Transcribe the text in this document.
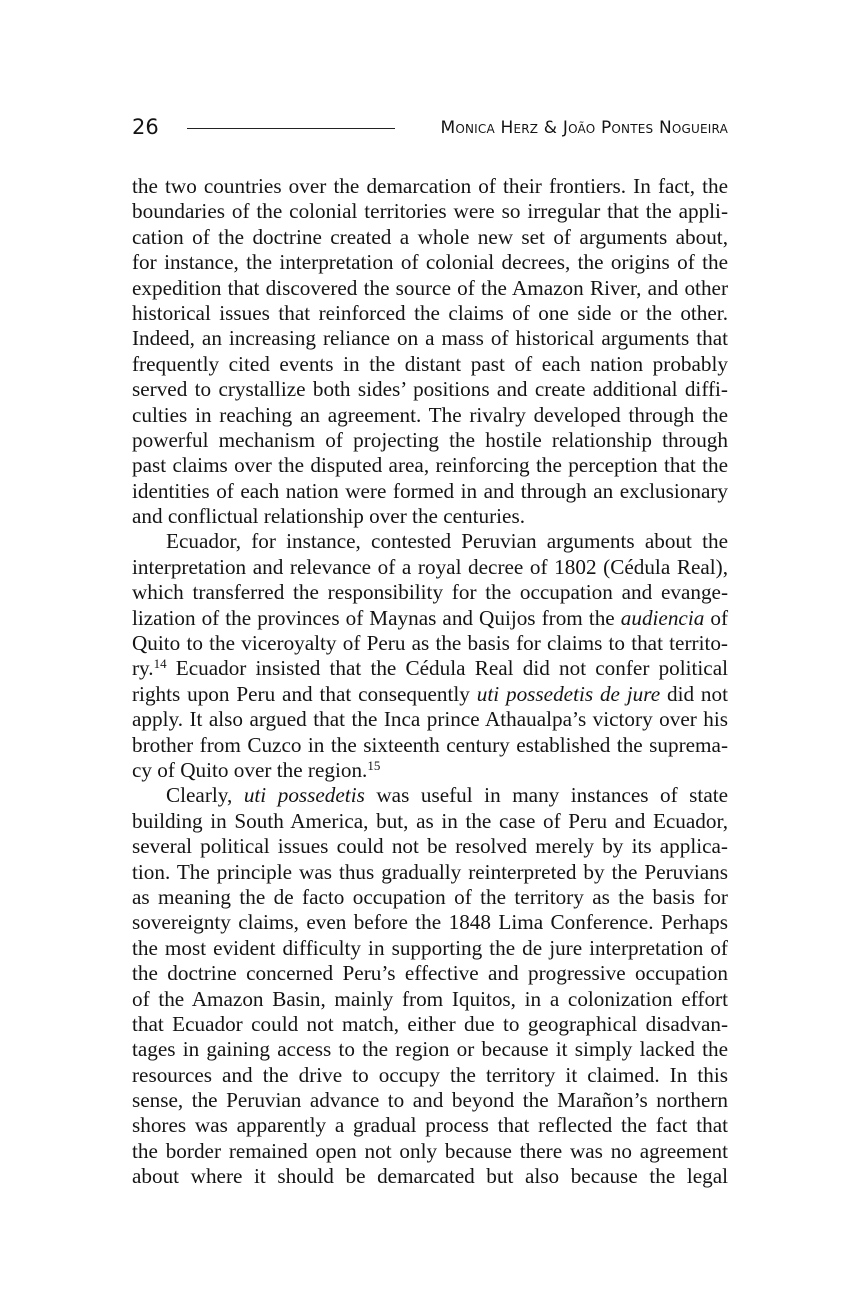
26	Monica Herz & João Pontes Nogueira
the two countries over the demarcation of their frontiers. In fact, the
boundaries of the colonial territories were so irregular that the appli-
cation of the doctrine created a whole new set of arguments about,
for instance, the interpretation of colonial decrees, the origins of the
expedition that discovered the source of the Amazon River, and other
historical issues that reinforced the claims of one side or the other.
Indeed, an increasing reliance on a mass of historical arguments that
frequently cited events in the distant past of each nation probably
served to crystallize both sides’ positions and create additional diffi-
culties in reaching an agreement. The rivalry developed through the
powerful mechanism of projecting the hostile relationship through
past claims over the disputed area, reinforcing the perception that the
identities of each nation were formed in and through an exclusionary
and conflictual relationship over the centuries.
Ecuador, for instance, contested Peruvian arguments about the
interpretation and relevance of a royal decree of 1802 (Cédula Real),
which transferred the responsibility for the occupation and evange-
lization of the provinces of Maynas and Quijos from the audiencia of
Quito to the viceroyalty of Peru as the basis for claims to that territo-
ry.$^{14}$ Ecuador insisted that the Cédula Real did not confer political
rights upon Peru and that consequently uti possedetis de jure did not
apply. It also argued that the Inca prince Athaualpa’s victory over his
brother from Cuzco in the sixteenth century established the suprema-
cy of Quito over the region.$^{15}$
Clearly, uti possedetis was useful in many instances of state
building in South America, but, as in the case of Peru and Ecuador,
several political issues could not be resolved merely by its applica-
tion. The principle was thus gradually reinterpreted by the Peruvians
as meaning the de facto occupation of the territory as the basis for
sovereignty claims, even before the 1848 Lima Conference. Perhaps
the most evident difficulty in supporting the de jure interpretation of
the doctrine concerned Peru’s effective and progressive occupation
of the Amazon Basin, mainly from Iquitos, in a colonization effort
that Ecuador could not match, either due to geographical disadvan-
tages in gaining access to the region or because it simply lacked the
resources and the drive to occupy the territory it claimed. In this
sense, the Peruvian advance to and beyond the Marañon’s northern
shores was apparently a gradual process that reflected the fact that
the border remained open not only because there was no agreement
about where it should be demarcated but also because the legal
